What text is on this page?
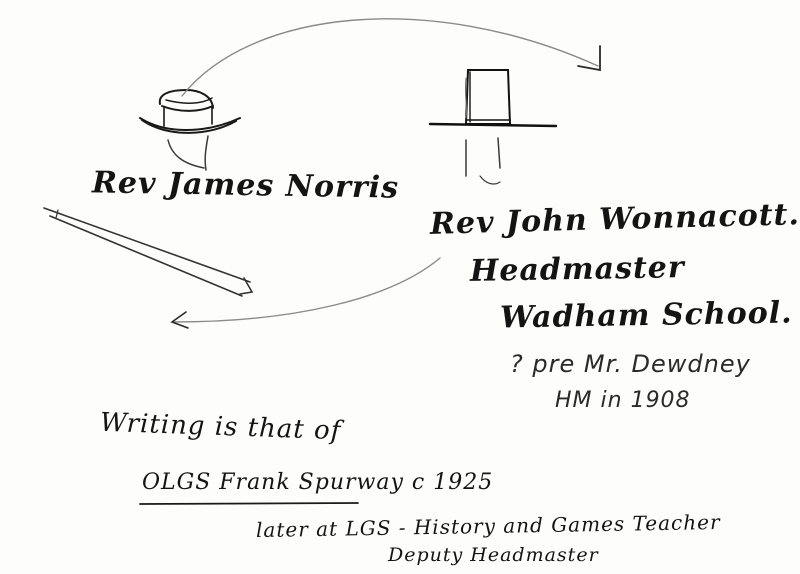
Rev James Norris
Rev John Wonnacott.
Headmaster
Wadham School.
? pre Mr. Dewdney
HM in 1908
Writing is that of
OLGS Frank Spurway c 1925
later at LGS - History and Games Teacher
Deputy Headmaster
